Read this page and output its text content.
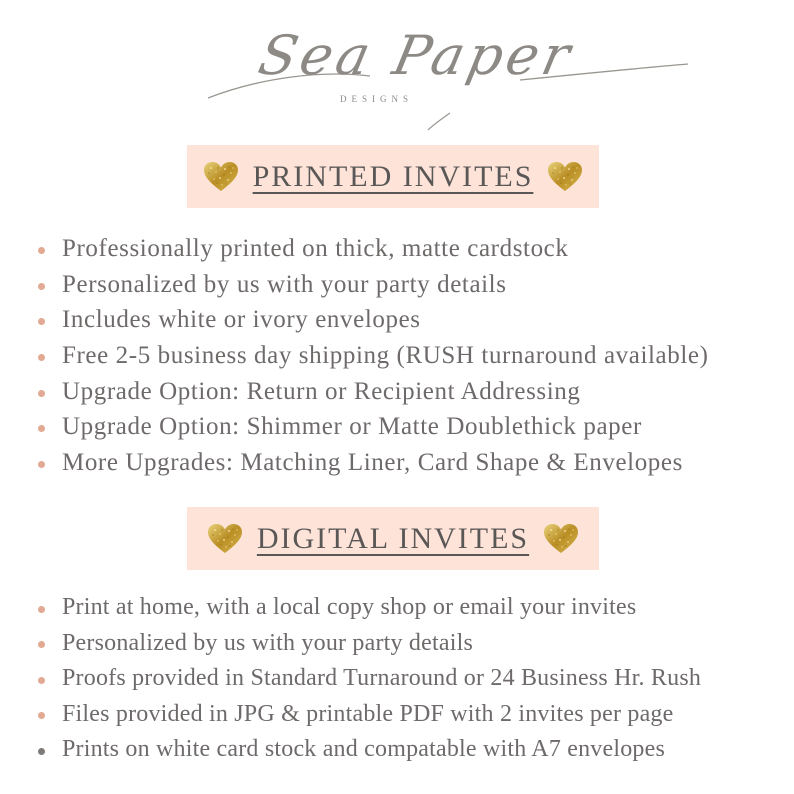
Sea Paper
DESIGNS
PRINTED INVITES
Professionally printed on thick, matte cardstock
Personalized by us with your party details
Includes white or ivory envelopes
Free 2-5 business day shipping (RUSH turnaround available)
Upgrade Option: Return or Recipient Addressing
Upgrade Option: Shimmer or Matte Doublethick paper
More Upgrades: Matching Liner, Card Shape & Envelopes
DIGITAL INVITES
Print at home, with a local copy shop or email your invites
Personalized by us with your party details
Proofs provided in Standard Turnaround or 24 Business Hr. Rush
Files provided in JPG & printable PDF with 2 invites per page
Prints on white card stock and compatable with A7 envelopes
